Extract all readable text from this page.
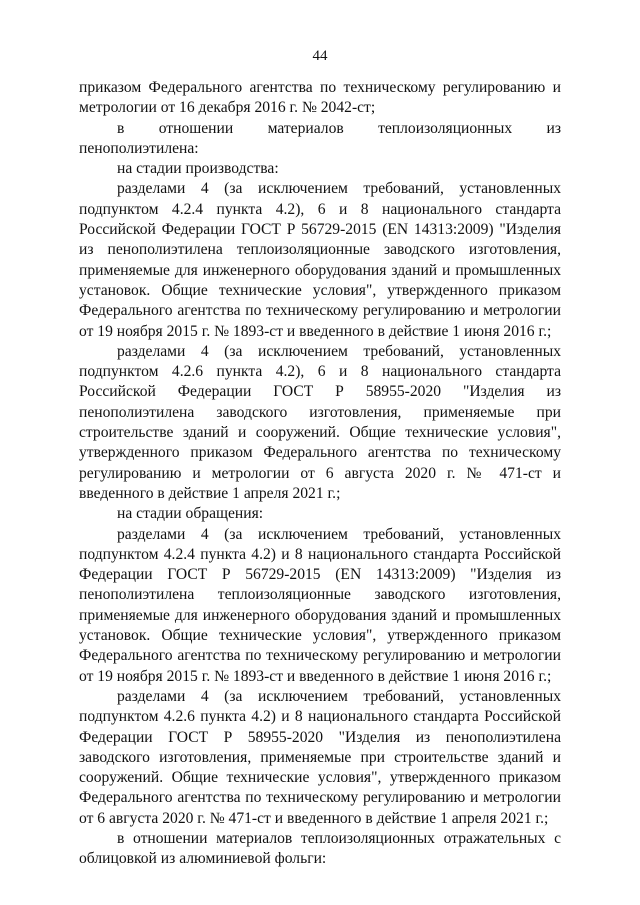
44

приказом Федерального агентства по техническому регулированию и метрологии от 16 декабря 2016 г. № 2042-ст;

в отношении материалов теплоизоляционных из пенополиэтилена:

на стадии производства:

разделами 4 (за исключением требований, установленных подпунктом 4.2.4 пункта 4.2), 6 и 8 национального стандарта Российской Федерации ГОСТ Р 56729-2015 (EN 14313:2009) "Изделия из пенополиэтилена теплоизоляционные заводского изготовления, применяемые для инженерного оборудования зданий и промышленных установок. Общие технические условия", утвержденного приказом Федерального агентства по техническому регулированию и метрологии от 19 ноября 2015 г. № 1893-ст и введенного в действие 1 июня 2016 г.;

разделами 4 (за исключением требований, установленных подпунктом 4.2.6 пункта 4.2), 6 и 8 национального стандарта Российской Федерации ГОСТ Р 58955-2020 "Изделия из пенополиэтилена заводского изготовления, применяемые при строительстве зданий и сооружений. Общие технические условия", утвержденного приказом Федерального агентства по техническому регулированию и метрологии от 6 августа 2020 г. № 471-ст и введенного в действие 1 апреля 2021 г.;

на стадии обращения:

разделами 4 (за исключением требований, установленных подпунктом 4.2.4 пункта 4.2) и 8 национального стандарта Российской Федерации ГОСТ Р 56729-2015 (EN 14313:2009) "Изделия из пенополиэтилена теплоизоляционные заводского изготовления, применяемые для инженерного оборудования зданий и промышленных установок. Общие технические условия", утвержденного приказом Федерального агентства по техническому регулированию и метрологии от 19 ноября 2015 г. № 1893-ст и введенного в действие 1 июня 2016 г.;

разделами 4 (за исключением требований, установленных подпунктом 4.2.6 пункта 4.2) и 8 национального стандарта Российской Федерации ГОСТ Р 58955-2020 "Изделия из пенополиэтилена заводского изготовления, применяемые при строительстве зданий и сооружений. Общие технические условия", утвержденного приказом Федерального агентства по техническому регулированию и метрологии от 6 августа 2020 г. № 471-ст и введенного в действие 1 апреля 2021 г.;

в отношении материалов теплоизоляционных отражательных с облицовкой из алюминиевой фольги:
